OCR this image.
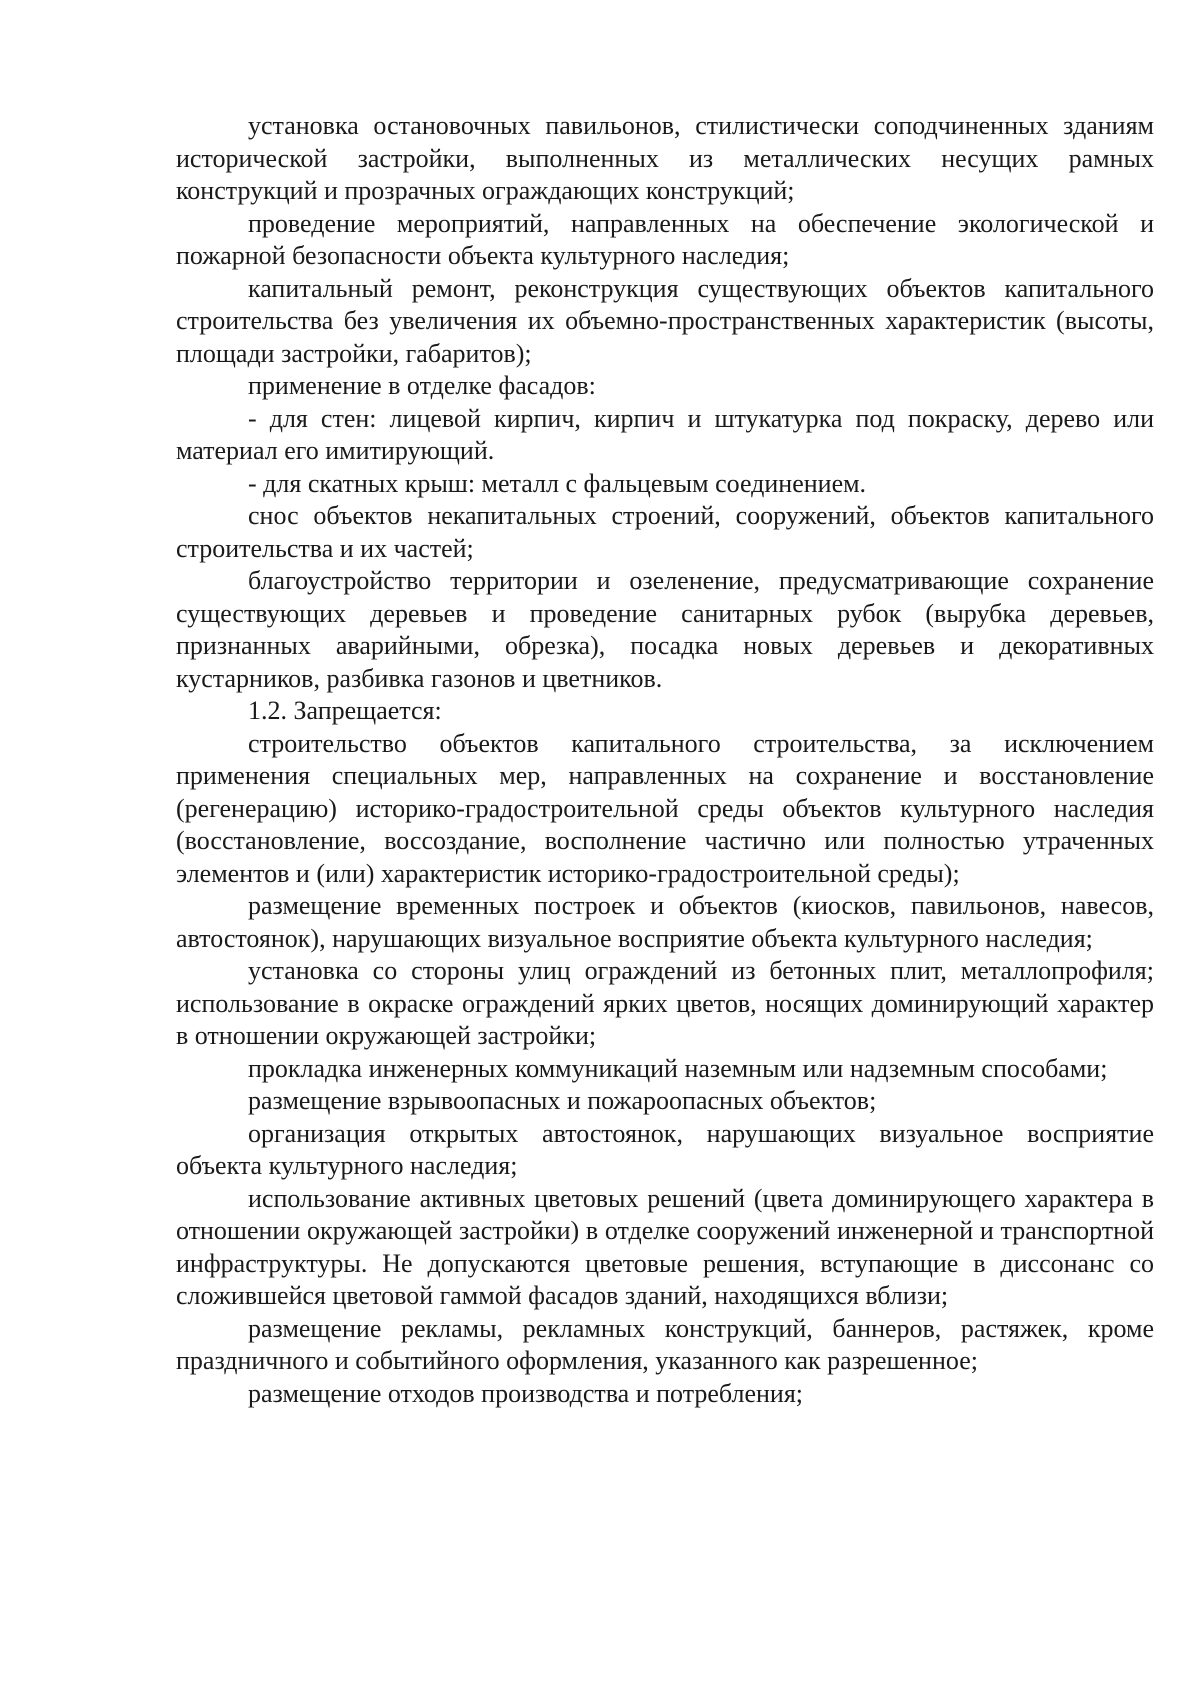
установка остановочных павильонов, стилистически соподчиненных зданиям исторической застройки, выполненных из металлических несущих рамных конструкций и прозрачных ограждающих конструкций;

проведение мероприятий, направленных на обеспечение экологической и пожарной безопасности объекта культурного наследия;

капитальный ремонт, реконструкция существующих объектов капитального строительства без увеличения их объемно-пространственных характеристик (высоты, площади застройки, габаритов);

применение в отделке фасадов:

- для стен: лицевой кирпич, кирпич и штукатурка под покраску, дерево или материал его имитирующий.

- для скатных крыш: металл с фальцевым соединением.

снос объектов некапитальных строений, сооружений, объектов капитального строительства и их частей;

благоустройство территории и озеленение, предусматривающие сохранение существующих деревьев и проведение санитарных рубок (вырубка деревьев, признанных аварийными, обрезка), посадка новых деревьев и декоративных кустарников, разбивка газонов и цветников.

1.2. Запрещается:

строительство объектов капитального строительства, за исключением применения специальных мер, направленных на сохранение и восстановление (регенерацию) историко-градостроительной среды объектов культурного наследия (восстановление, воссоздание, восполнение частично или полностью утраченных элементов и (или) характеристик историко-градостроительной среды);

размещение временных построек и объектов (киосков, павильонов, навесов, автостоянок), нарушающих визуальное восприятие объекта культурного наследия;

установка со стороны улиц ограждений из бетонных плит, металлопрофиля; использование в окраске ограждений ярких цветов, носящих доминирующий характер в отношении окружающей застройки;

прокладка инженерных коммуникаций наземным или надземным способами;

размещение взрывоопасных и пожароопасных объектов;

организация открытых автостоянок, нарушающих визуальное восприятие объекта культурного наследия;

использование активных цветовых решений (цвета доминирующего характера в отношении окружающей застройки) в отделке сооружений инженерной и транспортной инфраструктуры. Не допускаются цветовые решения, вступающие в диссонанс со сложившейся цветовой гаммой фасадов зданий, находящихся вблизи;

размещение рекламы, рекламных конструкций, баннеров, растяжек, кроме праздничного и событийного оформления, указанного как разрешенное;

размещение отходов производства и потребления;
